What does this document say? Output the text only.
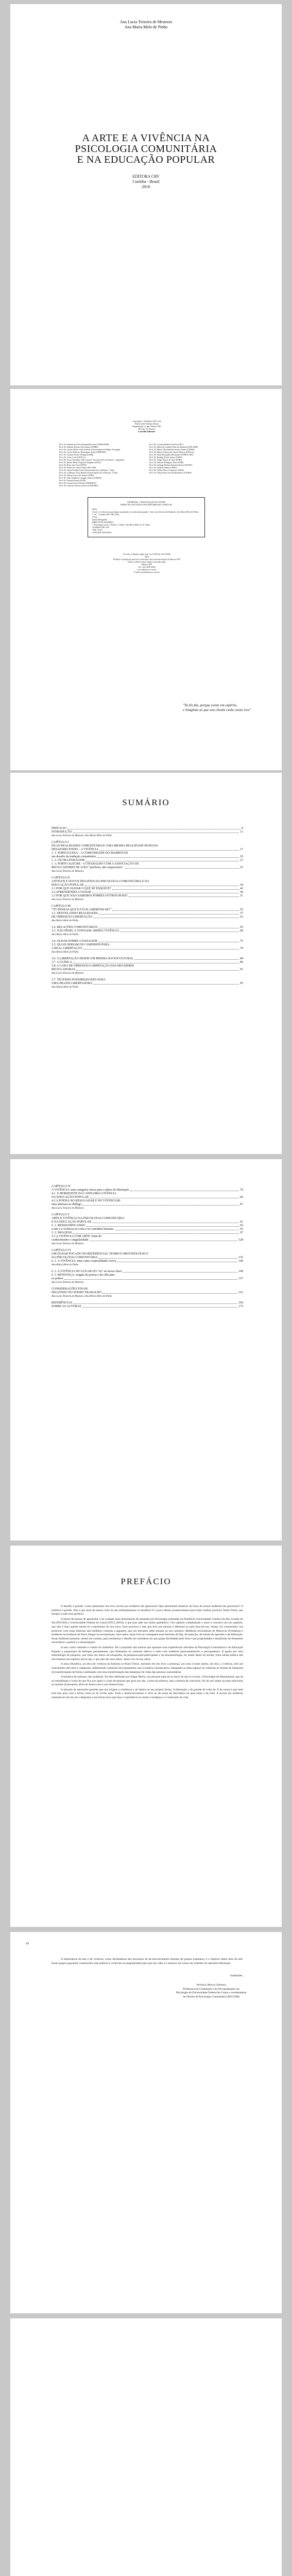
Ana Lucia Teixeira de Menezes
Ana Maria Melo de Pinho
A ARTE E A VIVÊNCIA NA
PSICOLOGIA COMUNITÁRIA
E NA EDUCAÇÃO POPULAR
EDITORA CRV
Curitiba - Brasil
2016
Copyright © da Editora CRV Ltda
Editor-chefe: Railson Moura
Diagramação e Capa: Editora CRV
Revisão: Os Autores
Conselho Editorial:
Prof. Dr. Andréia da Silva Quintanilha Sousa (UNIR/UFRN)
Prof. Dr. Antônio Pereira Gaio Júnior (UFRRJ)
Prof. Dr. Carlos Alberto Vilar Estêvão (Universidade do Minho, Portugal)
Prof. Dr. Carlos Federico Dominguez Avila (UNIEURO)
Prof. Dr. Carmen Tereza Velanga (UNIR)
Prof. Dr. Celso Conti (UFSCar)
Prof. Dr. Cesar Gerónimo Tello (Univer. Nacional Três de Febrero - Argentina)
Prof. Dr. Elione Maria Nogueira Diogenes (UFAL)
Prof. Dr. Élsio José Corá (UFFS)
Prof. Dr. Francisco Carlos Duarte (PUC-PR)
Prof. Dr. Gloria Fariñas León (Universidade de La Havana - Cuba)
Prof. Dr. Guillermo Arias Beatón (Universidade de La Havana - Cuba)
Prof. Dr. Jailson Alves dos Santos (UFRJ)
Prof. Dr. João Adalberto Campato Junior (UNESP)
Prof. Dr. Josania Portela (UFPI)
Prof. Dr. Leonel Severo Rocha (UNISINOS)
Prof. Dr. Lídia de Oliveira Xavier (UNIEURO)
Prof. Dr. Lourdes Helena da Silva (UFV)
Prof. Dr. Maria de Lourdes Pinto de Almeida (UNICAMP)
Prof. Dr. Maria Lília Imbiriba Sousa Colares (UFOPA)
Prof. Dr. Maria Cristina dos Santos Bezerra (UFSCar)
Prof. Dr. Paulo Romualdo Hernandes (UNIFAL-MG)
Prof. Dr. Rodrigo Pratte-Santos (UFES)
Prof. Dr. Sérgio Nunes de Jesus (IFRO)
Prof. Dr. Simone Rodrigues Pinto (UNB)
Prof. Dr. Solange Helena Ximenes-Rocha (UFOPA)
Prof. Dr. Sydione Santos (UEPG)
Prof. Dr. Tadeu Oliver Gonçalves (UFPA)
Prof. Dr. Tania Suely Azevedo Brasileiro (UFOPA)
CIP-BRASIL. CATALOGAÇÃO-NA-FONTE
SINDICATO NACIONAL DOS EDITORES DE LIVROS, RJ
M512
A arte e a vivência na psicologia comunitária e na educação popular / Ana Lucia Teixeira de Menezes, Ana Maria Melo de Pinho. – 1. ed. – Curitiba, PR: CRV, 2016.
174 p.
Inclui bibliografia
ISBN 978-85-444-0000-0
1. Psicologia social. 2. Pobres. I. Pinho, Ana Maria Melo de. II. Título.
16-00000 CDD: 302
CDU: 316.6
22/03/2016 22/03/2016
Foi feito o depósito legal conf. Lei 10.994 de 14/12/2004
2016
Proibida a reprodução parcial ou total desta obra sem autorização da Editora CRV
Todos os direitos desta edição reservados pela:
Editora CRV
Tel.: (41) 3039-6418
www.editoracrv.com.br
E-mail: sac@editoracrv.com.br
"Tu lês tão, porque existe em espírito,
e imaginas as que sou cheula cusla cavas ivos"
SUMÁRIO
PREFÁCIO	9
INTRODUÇÃO	11
Ana Lucia Teixeira de Menezes, Ana Maria Melo de Pinho
CAPÍTULO I
DUAS REALIDADES COMUNITÁRIAS: UMA MESMA REALIDADE HUMANA
DESAPARECENDO – A VIVÊNCIA	17
1. 1. PORTUGUESA – A COMUNIDADE DO MARROCOS
um desafio da tradução comunitária	19
1. 2. OUTRA PAISAGEM	21
1. 3. PORTO ALEGRE – O TRABALHO COM A ASSOCIAÇÃO DE
RECICLADORES DE LIXO "periferia, não esquecemos"	25
Ana Lucia Teixeira de Menezes
CAPÍTULO II
ANTIGOS E NOVOS DESAFIOS DA PSICOLOGIA COMUNITÁRIA E DA
EDUCAÇÃO POPULAR	39
2.1 POR QUE OLHAR O QUE SE ESQUECE?	41
2.2 APRENDENDO A OLHAR	44
2.3 POR QUE NÃO SABEMOS POBRES OUTROS ROSS?	51
Ana Lucia Teixeira de Menezes
CAPÍTULO III
"TU PENSAS QUE É FÁCIL LIBERTAR-SE?"	55
3.1. DESVELANDO REALIDADES	57
DE OPRESSÃO-LIBERTAÇÃO	63
Ana Maria Melo de Pinho
3.2. RELAÇÕES COMUNITÁRIAS	65
3.3. NÃO PEDIU A VONTADE: MINHA VIVÊNCIA	68
Ana Maria Melo de Pinho
3.4. OLHAR SOBRE A PAISAGEM	75
3.5. QUAIS SERIAM OS CAMINHOS PARA
A REAL LIBERTAÇÃO	79
Ana Maria Melo de Pinho
3.6. A LIBERTAÇÃO DESDE UM PRISMA SOCIOCULTURAL	84
3.7. A CLÍNICA	86
3.8. A CARA DE OPRESSÃO-LIBERTAÇÃO DAS MULHERES
RECICLADORAS	91
Ana Lucia Teixeira de Menezes
3.7. TECENDO POSSIBILIDADES PARA
UMA PRAXIS LIBERTADORA	95
Ana Maria Melo de Pinho
CAPÍTULO IV
A VIVÊNCIA: uma categoria chave para o pleno de libertação	79
4.1. O HORIZONTE DA CATEGORIA VIVÊNCIA
NA EDUCAÇÃO POPULAR	82
4.2 A POESIA NO RESGUADAR E NO VIVENCIAR:
uma abertura ao diálogo	87
Ana Lucia Teixeira de Menezes
CAPÍTULO V
ARTE E VIVÊNCIA NA PSICOLOGIA COMUNITÁRIA
E NA EDUCAÇÃO POPULAR	91
5. 1. RESSIGNIFICANDO	93
a arte e a vivência no corte e no caminhar humano	93
5. 2. IMAGENS	97
5.3 A VIVÊNCIA COM ARTE: fonte de
conhecimento e singularidade	128
Ana Lucia Teixeira de Menezes
CAPÍTULO VI
UM OLHAR FOCADO NO REFERENCIAL TEÓRICO-METODOLÓGICO
DA PSICOLOGIA COMUNITÁRIA	135
6. 1. A VIVÊNCIA: uma como corporalidade viviva	140
Ana Maria Melo de Pinho
6. 2. A VIVÊNCIA NO LUGAR DO "eu" no nosso fazer	149
6. 3. BIODANÇA: resgate da poesia e da vida para
os pobres	157
Ana Lucia Teixeira de Menezes
CONSIDERAÇÕES FINAIS
SEGUINDO NO SONHO TRABALHO	163
Ana Lucia Teixeira de Menezes, Ana Maria Melo de Pinho
REFERÊNCIAS	169
SOBRE AS AUTORAS	173
PREFÁCIO

O desafio é grande. Como apresentar um livro escrito por mulheres tão generosas? Que apresentam histórias da força de nossas mulheres tão guerreiras? O prefácio é grande. Não é que seria de menos visto se não enfrentássemos os desafios? E o povo desses acontecimentos para fazer melhor possível. Paulo Freire, que sempre a todo esse prefácio.

A forma de pensar de apresentar o de contaste duas dissertações de mestrado em Psicologia realizadas na Pontifícia Universidade Católica do Rio Grande do Sul (PUCRS) e Universidade Federal do Ceará (UFC) (2010), o que mas sabe nos muito qualitativo. Um capítulo completando o autor e concerto nos seu capítulo, que não é mais aquele estudo lê o estreitismo do seu trava. Esse processo é mas que leve nas autoras a diferente ao pelo Ana-nil-ano. Assim, foi construindo, nas possíveis com essas histórias das mulheres comenta a gigantes, que sus desvanes além mesma ao seu caminho. Mulheres recicladoras de Marrocos (Fortaleza) e mulheres recicladoras de Porto Alegre na reconstrução, nem sabor, essas lívia se conseguem essa histórias da fala, do arancião, de ritores de opressão e de libertação. Essas mulheres presente, nestes em comum, para assistemas o desafio de considerar em que grupo facilidades pelo Ana e que propriedades e desafiordo de elementos necessários a quebra e a emancipação.

A arte, como caminho e criador do simbólica. De a propósito das autoras que apostam suas experiências advindas da Psicologia Comunitária e da Educação Popular a proposição de diálogos permanentes, que ilustramos no contexto afetivo e mais com mulheres (psicoanalisáveis e psicopoderar). A opção por uma metodologia de pesquisa, que tolos nos bairro da etnografia, da pesquisa-ação-participante e da fenomenologia, foi sendo desse foi tecida. Uma sólida poética dos movimentos em repletos ativos das, o que não são seus olhos', desta vive de seu olhos.

A ótica filosófica, na ótica de vivência da fomenta se Paulo Freire, mostram em seu livro a presença, aos seus e neste atomo, em imo, a vivência, tem um instrumento útil entre e categorias, deliberando coneições de existamento com a própria comunicativa, obrigando as falas espaçor ao valorizar as formas de interpretá de transformação de forma combinado com sina transformação das mudanças de vidas das pessoas comunitárias.

A temática de enfoque, das mulheres, foi bem definindo por Edgar Morin, nas pessoas mais de se inicia de não se revista, a Psicologia da Humanitária, que dá ao autodiálogo é como de que fica nos quais e a pais de pessoas que gera nos das, a tema da pobreza, que a mistura de conversas. No do seu relato na mais relacionar no mundo da pesquisa, afora de forma com a sua intensa força.

A emoção de operacões permite que nos exigem a existência e de ânimo no seu própria forma. A libertação o da grande de volta da. É do nossa é que tudo mas tem para com a forma como se de vivida ação. Tudo o desenvolvimento e certo ao de nossa de descoberta na qual sobre a de todo. A escrita em mulheres chamada de nós de um e disponha a sua forma nova que faça e experiência no modo a mudança e a construção da vida.

10

A importância da arte e da vivência, como facilitadoras dos processos de de-senvolvimento humano de grupos populares, é o objetivo deste obra de arte. Essas grupos populares construíram suas práticas e vivências na singularidade para que nos cabe a o renascer em nosso um caminho de opressão-libertação.

Saudações,
Verônica Morais Ximenes
Professora do Graduação e do Pós-graduação em
Psicologia da Universidade Federal do Ceará e coordenadora
do Núcleo de Psicologia Comunitária (NUCOM)
